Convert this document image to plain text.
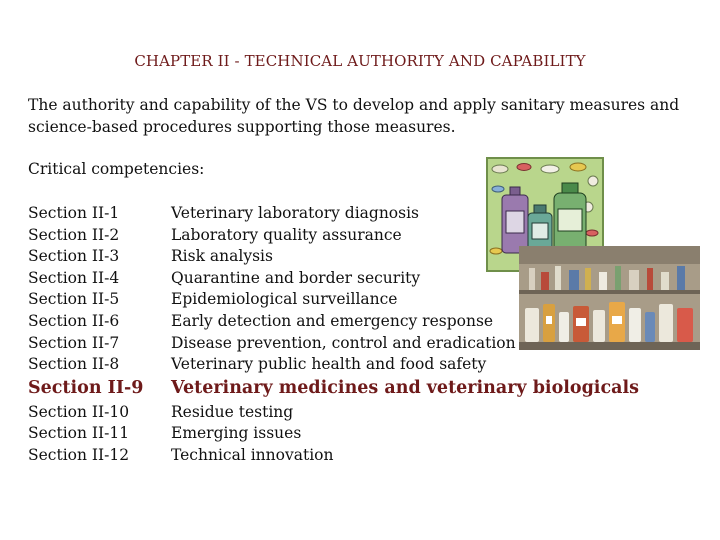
CHAPTER II - TECHNICAL AUTHORITY AND CAPABILITY
The authority and capability of the VS to develop and apply sanitary measures and science-based procedures supporting those measures.
Critical competencies:
Section II-1	Veterinary laboratory diagnosis
Section II-2	Laboratory quality assurance
Section II-3	Risk analysis
Section II-4	Quarantine and border security
Section II-5	Epidemiological surveillance
Section II-6	Early detection and emergency response
Section II-7	Disease prevention, control and eradication
Section II-8	Veterinary public health and food safety
Section II-9 Veterinary medicines and veterinary biologicals
Section II-10	Residue testing
Section II-11	Emerging issues
Section II-12	Technical innovation
